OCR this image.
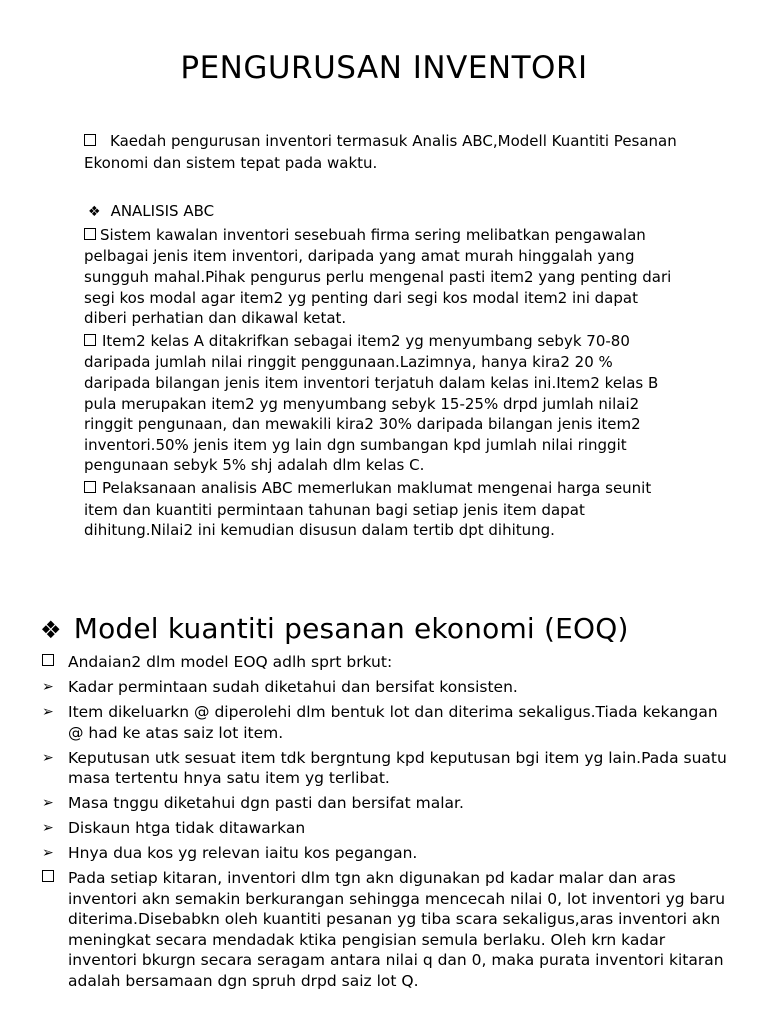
PENGURUSAN INVENTORI
Kaedah pengurusan inventori termasuk Analis ABC,Modell Kuantiti Pesanan Ekonomi dan sistem tepat pada waktu.
❖ ANALISIS ABC
Sistem kawalan inventori sesebuah firma sering melibatkan pengawalan pelbagai jenis item inventori, daripada yang amat murah hinggalah yang sungguh mahal.Pihak pengurus perlu mengenal pasti item2 yang penting dari segi kos modal agar item2 yg penting dari segi kos modal item2 ini dapat diberi perhatian dan dikawal ketat.
Item2 kelas A ditakrifkan sebagai item2 yg menyumbang sebyk 70-80 daripada jumlah nilai ringgit penggunaan.Lazimnya, hanya kira2 20 % daripada bilangan jenis item inventori terjatuh dalam kelas ini.Item2 kelas B pula merupakan item2 yg menyumbang sebyk 15-25% drpd jumlah nilai2 ringgit pengunaan, dan mewakili kira2 30% daripada bilangan jenis item2 inventori.50% jenis item yg lain dgn sumbangan kpd jumlah nilai ringgit pengunaan sebyk 5% shj adalah dlm kelas C.
Pelaksanaan analisis ABC memerlukan maklumat mengenai harga seunit item dan kuantiti permintaan tahunan bagi setiap jenis item dapat dihitung.Nilai2 ini kemudian disusun dalam tertib dpt dihitung.
❖ Model kuantiti pesanan ekonomi (EOQ)
Andaian2 dlm model EOQ adlh sprt brkut:
➢ Kadar permintaan sudah diketahui dan bersifat konsisten.
➢ Item dikeluarkn @ diperolehi dlm bentuk lot dan diterima sekaligus.Tiada kekangan @ had ke atas saiz lot item.
➢ Keputusan utk sesuat item tdk bergntung kpd keputusan bgi item yg lain.Pada suatu masa tertentu hnya satu item yg terlibat.
➢ Masa tnggu diketahui dgn pasti dan bersifat malar.
➢ Diskaun htga tidak ditawarkan
➢ Hnya dua kos yg relevan iaitu kos pegangan.
Pada setiap kitaran, inventori dlm tgn akn digunakan pd kadar malar dan aras inventori akn semakin berkurangan sehingga mencecah nilai 0, lot inventori yg baru diterima.Disebabkn oleh kuantiti pesanan yg tiba scara sekaligus,aras inventori akn meningkat secara mendadak ktika pengisian semula berlaku. Oleh krn kadar inventori bkurgn secara seragam antara nilai q dan 0, maka purata inventori kitaran adalah bersamaan dgn spruh drpd saiz lot Q.
